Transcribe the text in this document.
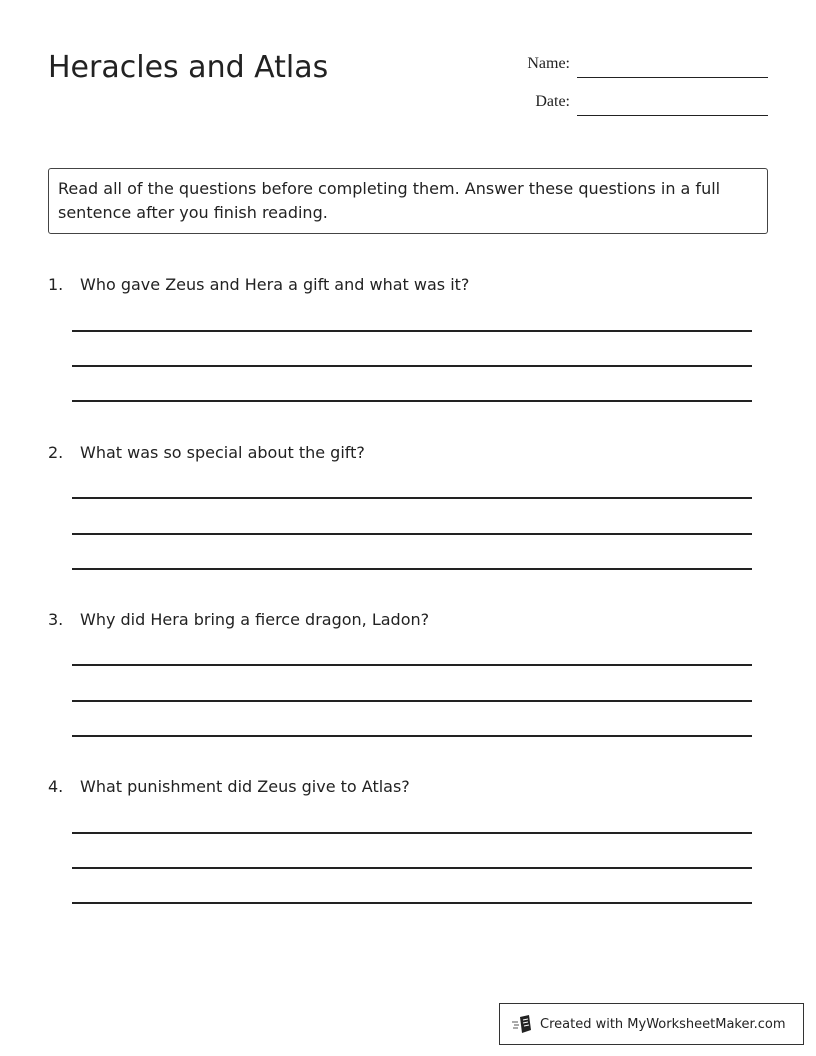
Heracles and Atlas	Name:
Date:
Read all of the questions before completing them. Answer these questions in a full sentence after you finish reading.
1. Who gave Zeus and Hera a gift and what was it?
2. What was so special about the gift?
3. Why did Hera bring a fierce dragon, Ladon?
4. What punishment did Zeus give to Atlas?
Created with MyWorksheetMaker.com
